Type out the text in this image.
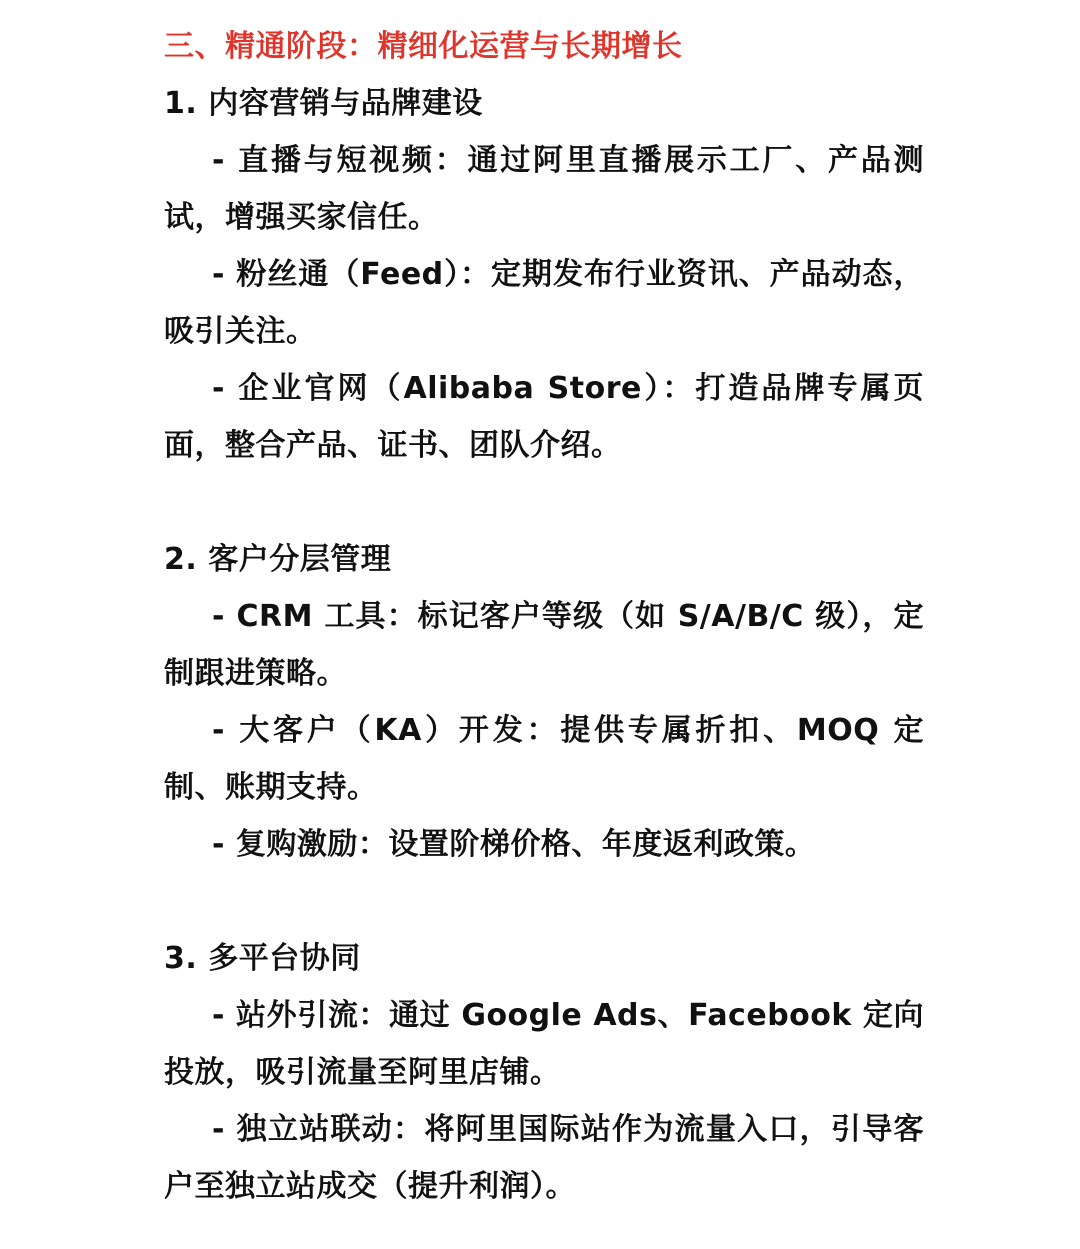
三、精通阶段：精细化运营与长期增长
1. 内容营销与品牌建设
- 直播与短视频：通过阿里直播展示工厂、产品测试，增强买家信任。
- 粉丝通（Feed）：定期发布行业资讯、产品动态，吸引关注。
- 企业官网（Alibaba Store）：打造品牌专属页面，整合产品、证书、团队介绍。
2. 客户分层管理
- CRM 工具：标记客户等级（如 S/A/B/C 级），定制跟进策略。
- 大客户（KA）开发：提供专属折扣、MOQ 定制、账期支持。
- 复购激励：设置阶梯价格、年度返利政策。
3. 多平台协同
- 站外引流：通过 Google Ads、Facebook 定向投放，吸引流量至阿里店铺。
- 独立站联动：将阿里国际站作为流量入口，引导客户至独立站成交（提升利润）。
